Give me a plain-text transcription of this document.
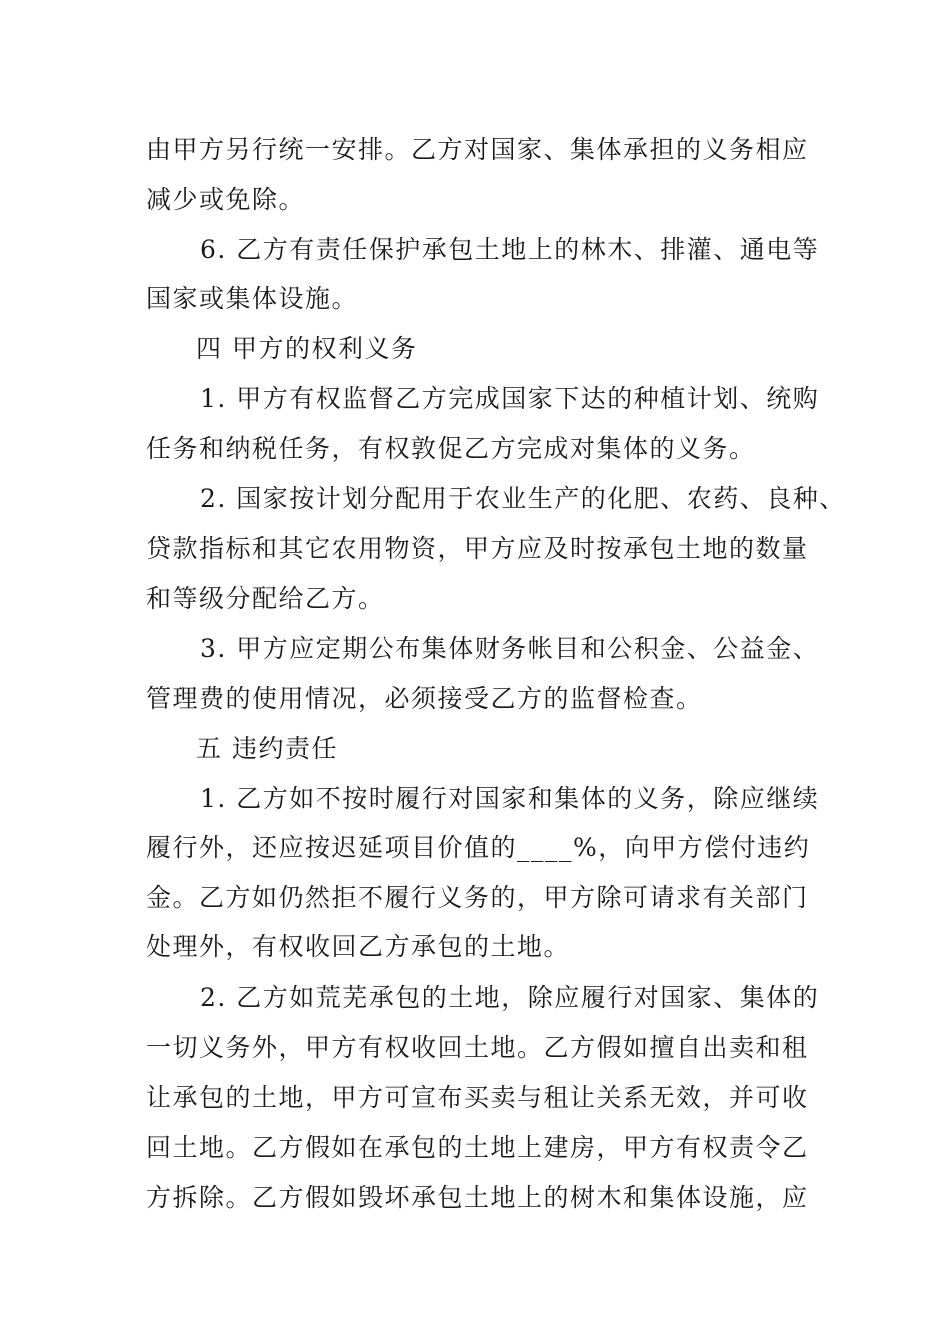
由甲方另行统一安排。乙方对国家、集体承担的义务相应
减少或免除。
6. 乙方有责任保护承包土地上的林木、排灌、通电等
国家或集体设施。
四 甲方的权利义务
1. 甲方有权监督乙方完成国家下达的种植计划、统购
任务和纳税任务，有权敦促乙方完成对集体的义务。
2. 国家按计划分配用于农业生产的化肥、农药、良种、
贷款指标和其它农用物资，甲方应及时按承包土地的数量
和等级分配给乙方。
3. 甲方应定期公布集体财务帐目和公积金、公益金、
管理费的使用情况，必须接受乙方的监督检查。
五 违约责任
1. 乙方如不按时履行对国家和集体的义务，除应继续
履行外，还应按迟延项目价值的____%，向甲方偿付违约
金。乙方如仍然拒不履行义务的，甲方除可请求有关部门
处理外，有权收回乙方承包的土地。
2. 乙方如荒芜承包的土地，除应履行对国家、集体的
一切义务外，甲方有权收回土地。乙方假如擅自出卖和租
让承包的土地，甲方可宣布买卖与租让关系无效，并可收
回土地。乙方假如在承包的土地上建房，甲方有权责令乙
方拆除。乙方假如毁坏承包土地上的树木和集体设施，应
